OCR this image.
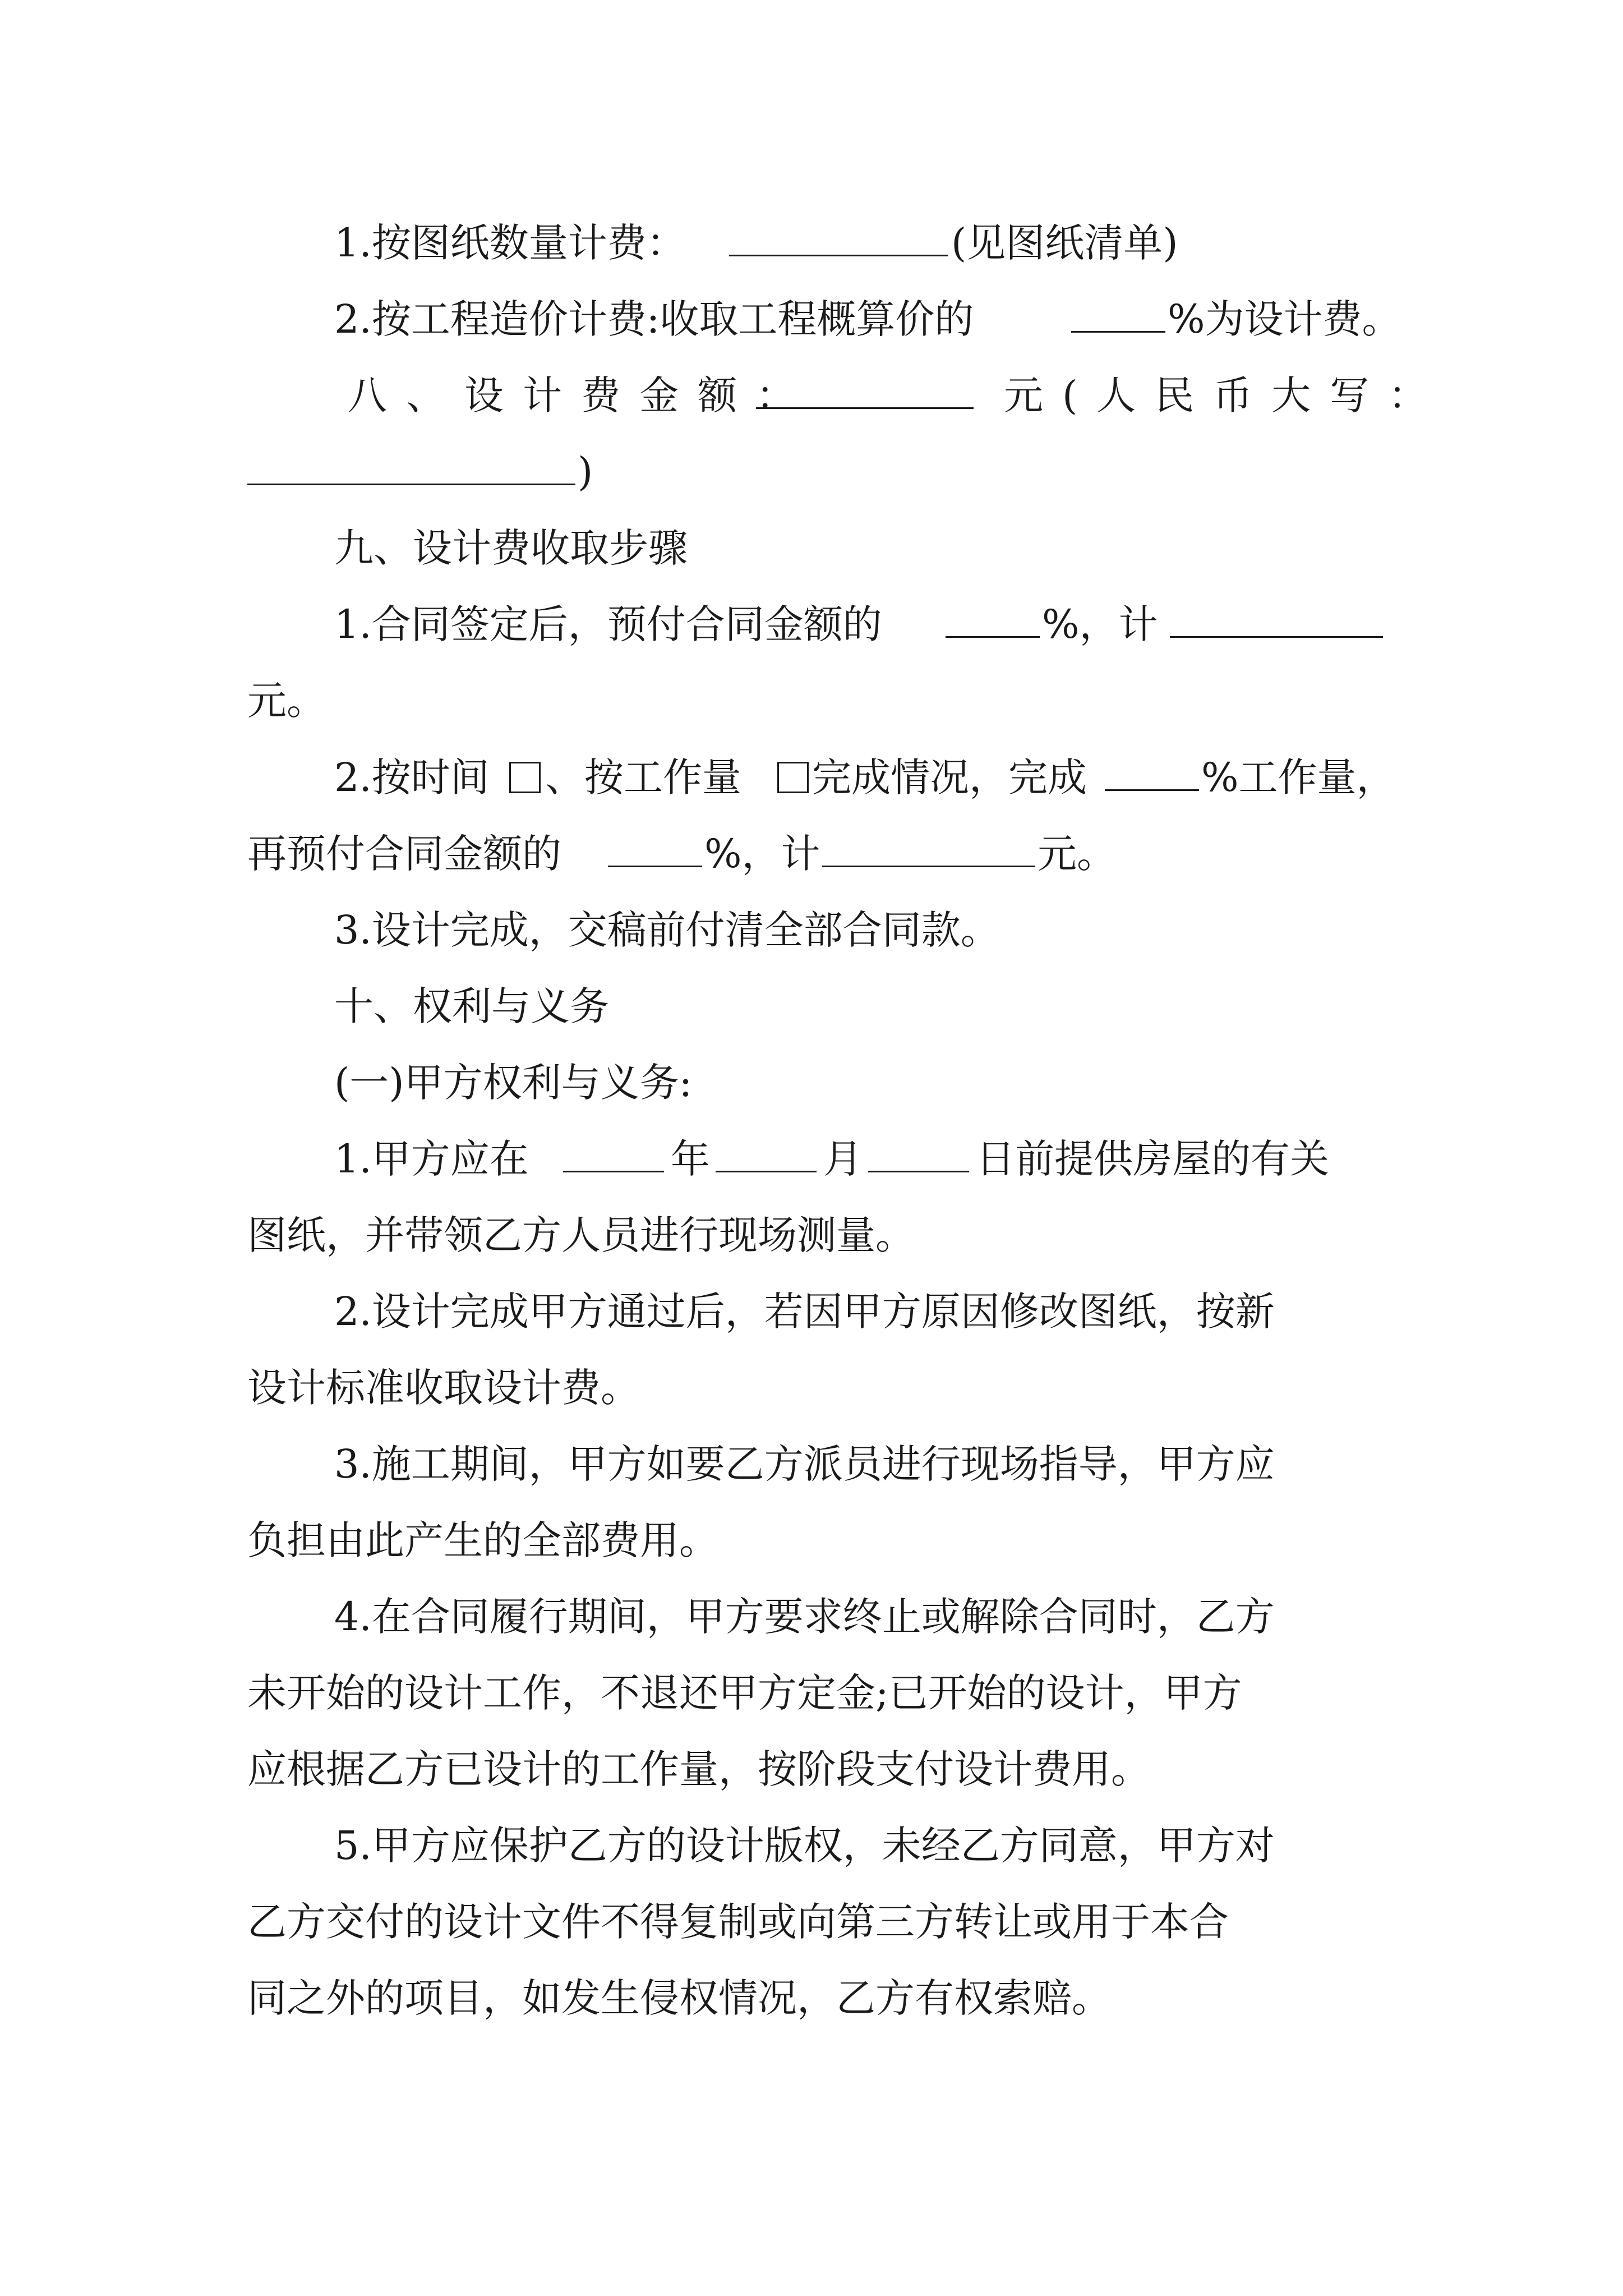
1.按图纸数量计费：	(见图纸清单)
2.按工程造价计费:收取工程概算价的	%为设计费。
八、设计费金额：	元(人民币大写：
)
九、设计费收取步骤
1.合同签定后，预付合同金额的	%，计
元。
2.按时间 、按工作量 完成情况，完成	%工作量，
再预付合同金额的	%，计	元。
3.设计完成，交稿前付清全部合同款。
十、权利与义务
(一)甲方权利与义务:
1.甲方应在	年	月	日前提供房屋的有关
图纸，并带领乙方人员进行现场测量。
2.设计完成甲方通过后，若因甲方原因修改图纸，按新
设计标准收取设计费。
3.施工期间，甲方如要乙方派员进行现场指导，甲方应
负担由此产生的全部费用。
4.在合同履行期间，甲方要求终止或解除合同时，乙方
未开始的设计工作，不退还甲方定金;已开始的设计，甲方
应根据乙方已设计的工作量，按阶段支付设计费用。
5.甲方应保护乙方的设计版权，未经乙方同意，甲方对
乙方交付的设计文件不得复制或向第三方转让或用于本合
同之外的项目，如发生侵权情况，乙方有权索赔。
